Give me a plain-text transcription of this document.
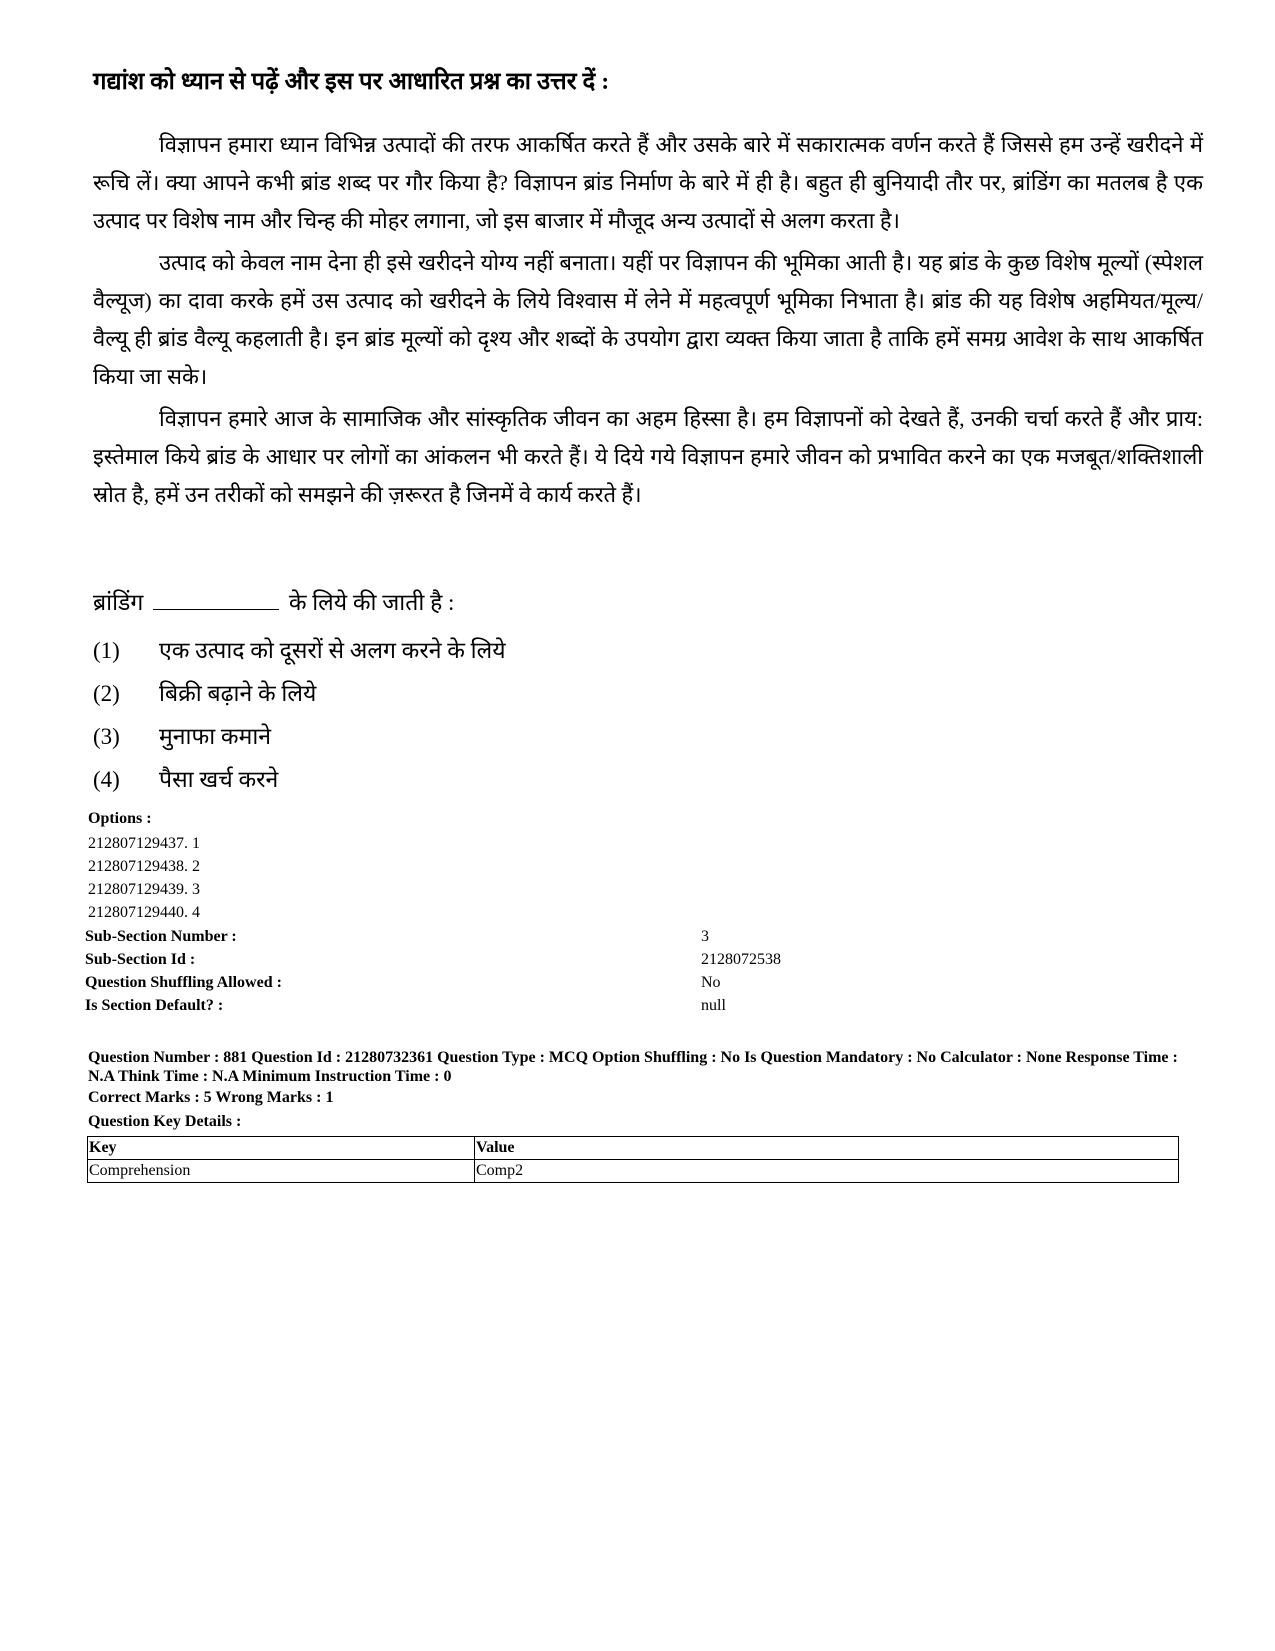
गद्यांश को ध्यान से पढ़ें और इस पर आधारित प्रश्न का उत्तर दें :

विज्ञापन हमारा ध्यान विभिन्न उत्पादों की तरफ आकर्षित करते हैं और उसके बारे में सकारात्मक वर्णन करते हैं जिससे हम उन्हें खरीदने में रूचि लें। क्या आपने कभी ब्रांड शब्द पर गौर किया है? विज्ञापन ब्रांड निर्माण के बारे में ही है। बहुत ही बुनियादी तौर पर, ब्रांडिंग का मतलब है एक उत्पाद पर विशेष नाम और चिन्ह की मोहर लगाना, जो इस बाजार में मौजूद अन्य उत्पादों से अलग करता है।

उत्पाद को केवल नाम देना ही इसे खरीदने योग्य नहीं बनाता। यहीं पर विज्ञापन की भूमिका आती है। यह ब्रांड के कुछ विशेष मूल्यों (स्पेशल वैल्यूज) का दावा करके हमें उस उत्पाद को खरीदने के लिये विश्वास में लेने में महत्वपूर्ण भूमिका निभाता है। ब्रांड की यह विशेष अहमियत/मूल्य/वैल्यू ही ब्रांड वैल्यू कहलाती है। इन ब्रांड मूल्यों को दृश्य और शब्दों के उपयोग द्वारा व्यक्त किया जाता है ताकि हमें समग्र आवेश के साथ आकर्षित किया जा सके।

विज्ञापन हमारे आज के सामाजिक और सांस्कृतिक जीवन का अहम हिस्सा है। हम विज्ञापनों को देखते हैं, उनकी चर्चा करते हैं और प्राय: इस्तेमाल किये ब्रांड के आधार पर लोगों का आंकलन भी करते हैं। ये दिये गये विज्ञापन हमारे जीवन को प्रभावित करने का एक मजबूत/शक्तिशाली स्रोत है, हमें उन तरीकों को समझने की ज़रूरत है जिनमें वे कार्य करते हैं।

ब्रांडिंग	के लिये की जाती है :
(1)	एक उत्पाद को दूसरों से अलग करने के लिये
(2)	बिक्री बढ़ाने के लिये
(3)	मुनाफा कमाने
(4)	पैसा खर्च करने
Options :
212807129437. 1
212807129438. 2
212807129439. 3
212807129440. 4
Sub-Section Number :	3
Sub-Section Id :	2128072538
Question Shuffling Allowed :	No
Is Section Default? :	null
Question Number : 881 Question Id : 21280732361 Question Type : MCQ Option Shuffling : No Is Question Mandatory : No Calculator : None Response Time : N.A Think Time : N.A Minimum Instruction Time : 0
Correct Marks : 5 Wrong Marks : 1
Question Key Details :
Key	Value
Comprehension	Comp2
